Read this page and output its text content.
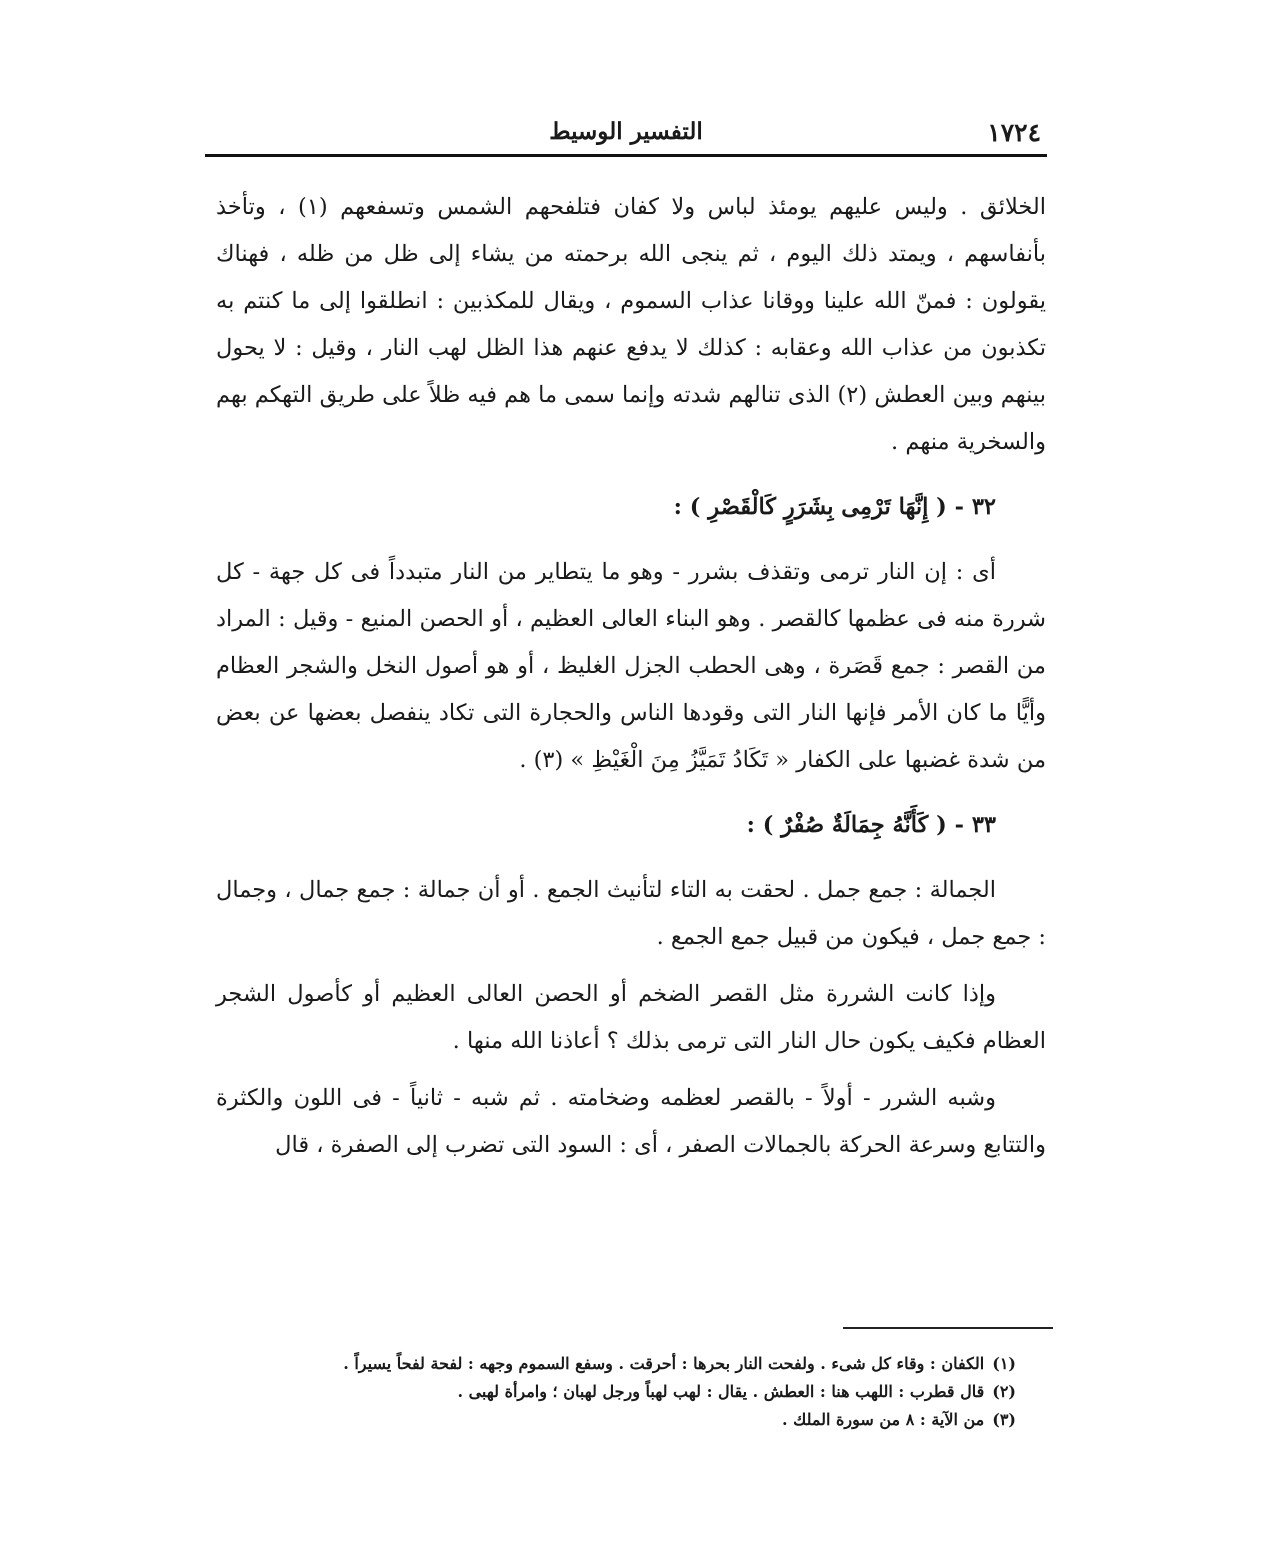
١٧٢٤
التفسير الوسيط

الخلائق . وليس عليهم يومئذ لباس ولا كفان فتلفحهم الشمس وتسفعهم (١) ، وتأخذ بأنفاسهم ، ويمتد ذلك اليوم ، ثم ينجى الله برحمته من يشاء إلى ظل من ظله ، فهناك يقولون : فمنّ الله علينا ووقانا عذاب السموم ، ويقال للمكذبين : انطلقوا إلى ما كنتم به تكذبون من عذاب الله وعقابه : كذلك لا يدفع عنهم هذا الظل لهب النار ، وقيل : لا يحول بينهم وبين العطش (٢) الذى تنالهم شدته وإنما سمى ما هم فيه ظلاً على طريق التهكم بهم والسخرية منهم .

٣٢ - ( إِنَّهَا تَرْمِى بِشَرَرٍ كَالْقَصْرِ ) :

أى : إن النار ترمى وتقذف بشرر - وهو ما يتطاير من النار متبدداً فى كل جهة - كل شررة منه فى عظمها كالقصر . وهو البناء العالى العظيم ، أو الحصن المنيع - وقيل : المراد من القصر : جمع قَصَرة ، وهى الحطب الجزل الغليظ ، أو هو أصول النخل والشجر العظام وأيًّا ما كان الأمر فإنها النار التى وقودها الناس والحجارة التى تكاد ينفصل بعضها عن بعض من شدة غضبها على الكفار « تَكَادُ تَمَيَّزُ مِنَ الْغَيْظِ » (٣) .

٣٣ - ( كَأَنَّهُ جِمَالَةٌ صُفْرٌ ) :

الجمالة : جمع جمل . لحقت به التاء لتأنيث الجمع . أو أن جمالة : جمع جمال ، وجمال : جمع جمل ، فيكون من قبيل جمع الجمع .

وإذا كانت الشررة مثل القصر الضخم أو الحصن العالى العظيم أو كأصول الشجر العظام فكيف يكون حال النار التى ترمى بذلك ؟ أعاذنا الله منها .

وشبه الشرر - أولاً - بالقصر لعظمه وضخامته . ثم شبه - ثانياً - فى اللون والكثرة والتتابع وسرعة الحركة بالجمالات الصفر ، أى : السود التى تضرب إلى الصفرة ، قال

(١)الكفان : وقاء كل شىء . ولفحت النار بحرها : أحرقت . وسفع السموم وجهه : لفحة لفحاً يسيراً .

(٢)قال قطرب : اللهب هنا : العطش . يقال : لهب لهباً ورجل لهبان ؛ وامرأة لهبى .

(٣)من الآية : ٨ من سورة الملك .
